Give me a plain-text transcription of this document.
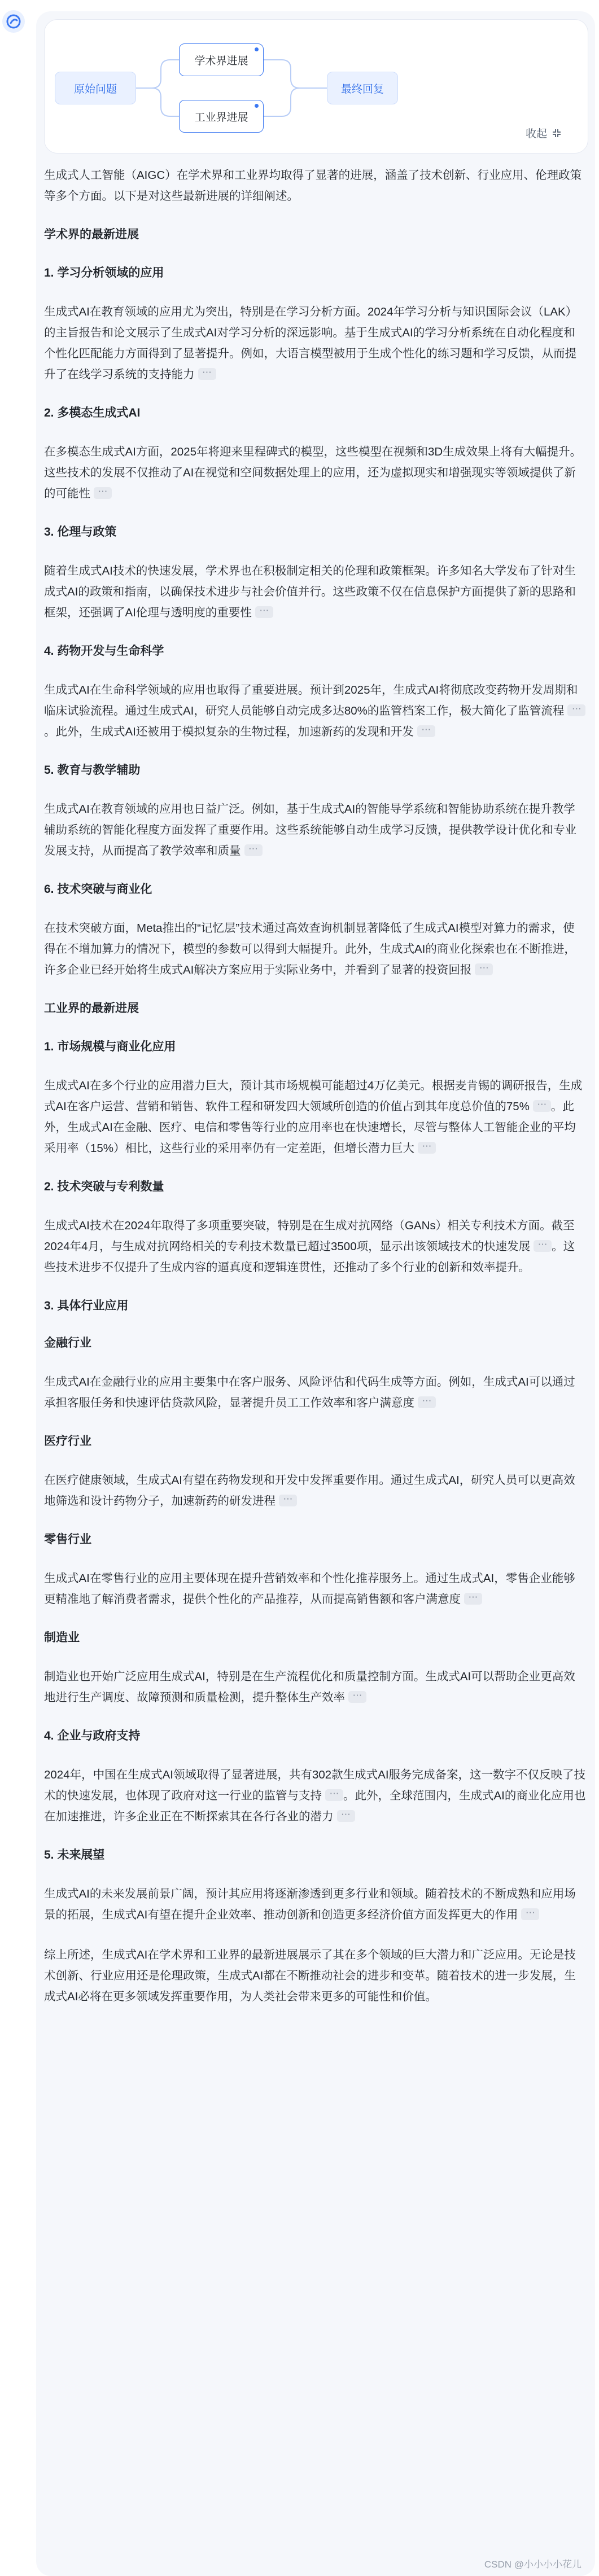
原始问题
学术界进展
工业界进展
最终回复
收起

生成式人工智能（AIGC）在学术界和工业界均取得了显著的进展，涵盖了技术创新、行业应用、伦理政策等多个方面。以下是对这些最新进展的详细阐述。

学术界的最新进展
1. 学习分析领域的应用

生成式AI在教育领域的应用尤为突出，特别是在学习分析方面。2024年学习分析与知识国际会议（LAK）的主旨报告和论文展示了生成式AI对学习分析的深远影响。基于生成式AI的学习分析系统在自动化程度和个性化匹配能力方面得到了显著提升。例如，大语言模型被用于生成个性化的练习题和学习反馈，从而提升了在线学习系统的支持能力⋯

2. 多模态生成式AI

在多模态生成式AI方面，2025年将迎来里程碑式的模型，这些模型在视频和3D生成效果上将有大幅提升。这些技术的发展不仅推动了AI在视觉和空间数据处理上的应用，还为虚拟现实和增强现实等领域提供了新的可能性⋯

3. 伦理与政策

随着生成式AI技术的快速发展，学术界也在积极制定相关的伦理和政策框架。许多知名大学发布了针对生成式AI的政策和指南，以确保技术进步与社会价值并行。这些政策不仅在信息保护方面提供了新的思路和框架，还强调了AI伦理与透明度的重要性⋯

4. 药物开发与生命科学

生成式AI在生命科学领域的应用也取得了重要进展。预计到2025年，生成式AI将彻底改变药物开发周期和临床试验流程。通过生成式AI，研究人员能够自动完成多达80%的监管档案工作，极大简化了监管流程⋯。此外，生成式AI还被用于模拟复杂的生物过程，加速新药的发现和开发⋯

5. 教育与教学辅助

生成式AI在教育领域的应用也日益广泛。例如，基于生成式AI的智能导学系统和智能协助系统在提升教学辅助系统的智能化程度方面发挥了重要作用。这些系统能够自动生成学习反馈，提供教学设计优化和专业发展支持，从而提高了教学效率和质量⋯

6. 技术突破与商业化

在技术突破方面，Meta推出的“记忆层”技术通过高效查询机制显著降低了生成式AI模型对算力的需求，使得在不增加算力的情况下，模型的参数可以得到大幅提升。此外，生成式AI的商业化探索也在不断推进，许多企业已经开始将生成式AI解决方案应用于实际业务中，并看到了显著的投资回报⋯

工业界的最新进展
1. 市场规模与商业化应用

生成式AI在多个行业的应用潜力巨大，预计其市场规模可能超过4万亿美元。根据麦肯锡的调研报告，生成式AI在客户运营、营销和销售、软件工程和研发四大领域所创造的价值占到其年度总价值的75% ⋯ 。此外，生成式AI在金融、医疗、电信和零售等行业的应用率也在快速增长，尽管与整体人工智能企业的平均采用率（15%）相比，这些行业的采用率仍有一定差距，但增长潜力巨大⋯

2. 技术突破与专利数量

生成式AI技术在2024年取得了多项重要突破，特别是在生成对抗网络（GANs）相关专利技术方面。截至2024年4月，与生成对抗网络相关的专利技术数量已超过3500项，显示出该领域技术的快速发展 ⋯ 。这些技术进步不仅提升了生成内容的逼真度和逻辑连贯性，还推动了多个行业的创新和效率提升。

3. 具体行业应用
金融行业

生成式AI在金融行业的应用主要集中在客户服务、风险评估和代码生成等方面。例如，生成式AI可以通过承担客服任务和快速评估贷款风险，显著提升员工工作效率和客户满意度⋯

医疗行业

在医疗健康领域，生成式AI有望在药物发现和开发中发挥重要作用。通过生成式AI，研究人员可以更高效地筛选和设计药物分子，加速新药的研发进程⋯

零售行业

生成式AI在零售行业的应用主要体现在提升营销效率和个性化推荐服务上。通过生成式AI，零售企业能够更精准地了解消费者需求，提供个性化的产品推荐，从而提高销售额和客户满意度⋯

制造业

制造业也开始广泛应用生成式AI，特别是在生产流程优化和质量控制方面。生成式AI可以帮助企业更高效地进行生产调度、故障预测和质量检测，提升整体生产效率⋯

4. 企业与政府支持

2024年，中国在生成式AI领域取得了显著进展，共有302款生成式AI服务完成备案，这一数字不仅反映了技术的快速发展，也体现了政府对这一行业的监管与支持 ⋯ 。此外，全球范围内，生成式AI的商业化应用也在加速推进，许多企业正在不断探索其在各行各业的潜力⋯

5. 未来展望

生成式AI的未来发展前景广阔，预计其应用将逐渐渗透到更多行业和领域。随着技术的不断成熟和应用场景的拓展，生成式AI有望在提升企业效率、推动创新和创造更多经济价值方面发挥更大的作用⋯

综上所述，生成式AI在学术界和工业界的最新进展展示了其在多个领域的巨大潜力和广泛应用。无论是技术创新、行业应用还是伦理政策，生成式AI都在不断推动社会的进步和变革。随着技术的进一步发展，生成式AI必将在更多领域发挥重要作用，为人类社会带来更多的可能性和价值。

CSDN @小小小小花儿
